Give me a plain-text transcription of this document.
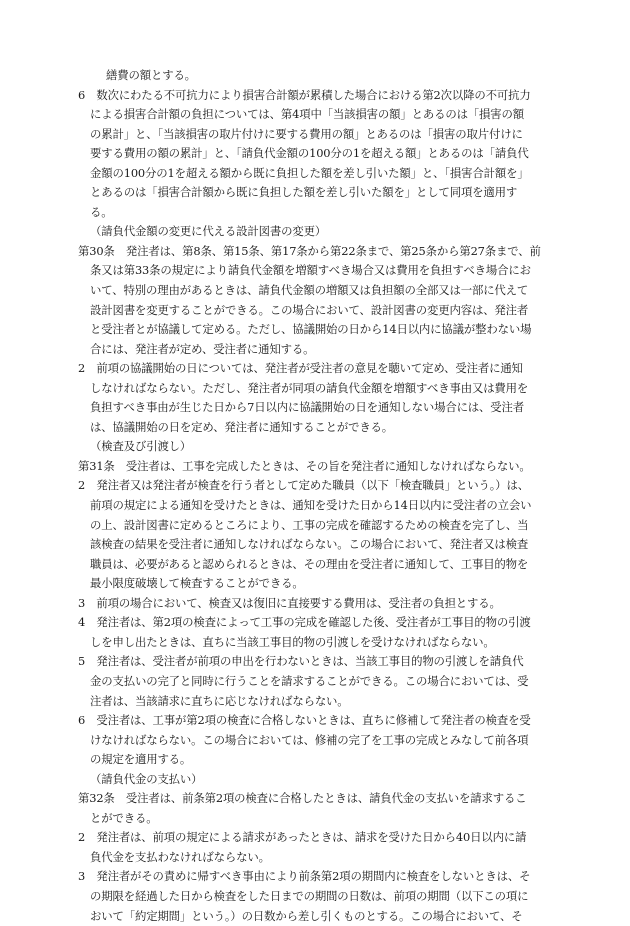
繕費の額とする。
6　数次にわたる不可抗力により損害合計額が累積した場合における第2次以降の不可抗力
による損害合計額の負担については、第4項中「当該損害の額」とあるのは「損害の額
の累計」と、「当該損害の取片付けに要する費用の額」とあるのは「損害の取片付けに
要する費用の額の累計」と、「請負代金額の100分の1を超える額」とあるのは「請負代
金額の100分の1を超える額から既に負担した額を差し引いた額」と、「損害合計額を」
とあるのは「損害合計額から既に負担した額を差し引いた額を」として同項を適用す
る。
（請負代金額の変更に代える設計図書の変更）
第30条　発注者は、第8条、第15条、第17条から第22条まで、第25条から第27条まで、前
条又は第33条の規定により請負代金額を増額すべき場合又は費用を負担すべき場合にお
いて、特別の理由があるときは、請負代金額の増額又は負担額の全部又は一部に代えて
設計図書を変更することができる。この場合において、設計図書の変更内容は、発注者
と受注者とが協議して定める。ただし、協議開始の日から14日以内に協議が整わない場
合には、発注者が定め、受注者に通知する。
2　前項の協議開始の日については、発注者が受注者の意見を聴いて定め、受注者に通知
しなければならない。ただし、発注者が同項の請負代金額を増額すべき事由又は費用を
負担すべき事由が生じた日から7日以内に協議開始の日を通知しない場合には、受注者
は、協議開始の日を定め、発注者に通知することができる。
（検査及び引渡し）
第31条　受注者は、工事を完成したときは、その旨を発注者に通知しなければならない。
2　発注者又は発注者が検査を行う者として定めた職員（以下「検査職員」という。）は、
前項の規定による通知を受けたときは、通知を受けた日から14日以内に受注者の立会い
の上、設計図書に定めるところにより、工事の完成を確認するための検査を完了し、当
該検査の結果を受注者に通知しなければならない。この場合において、発注者又は検査
職員は、必要があると認められるときは、その理由を受注者に通知して、工事目的物を
最小限度破壊して検査することができる。
3　前項の場合において、検査又は復旧に直接要する費用は、受注者の負担とする。
4　発注者は、第2項の検査によって工事の完成を確認した後、受注者が工事目的物の引渡
しを申し出たときは、直ちに当該工事目的物の引渡しを受けなければならない。
5　発注者は、受注者が前項の申出を行わないときは、当該工事目的物の引渡しを請負代
金の支払いの完了と同時に行うことを請求することができる。この場合においては、受
注者は、当該請求に直ちに応じなければならない。
6　受注者は、工事が第2項の検査に合格しないときは、直ちに修補して発注者の検査を受
けなければならない。この場合においては、修補の完了を工事の完成とみなして前各項
の規定を適用する。
（請負代金の支払い）
第32条　受注者は、前条第2項の検査に合格したときは、請負代金の支払いを請求するこ
とができる。
2　発注者は、前項の規定による請求があったときは、請求を受けた日から40日以内に請
負代金を支払わなければならない。
3　発注者がその責めに帰すべき事由により前条第2項の期間内に検査をしないときは、そ
の期限を経過した日から検査をした日までの期間の日数は、前項の期間（以下この項に
おいて「約定期間」という。）の日数から差し引くものとする。この場合において、そ
